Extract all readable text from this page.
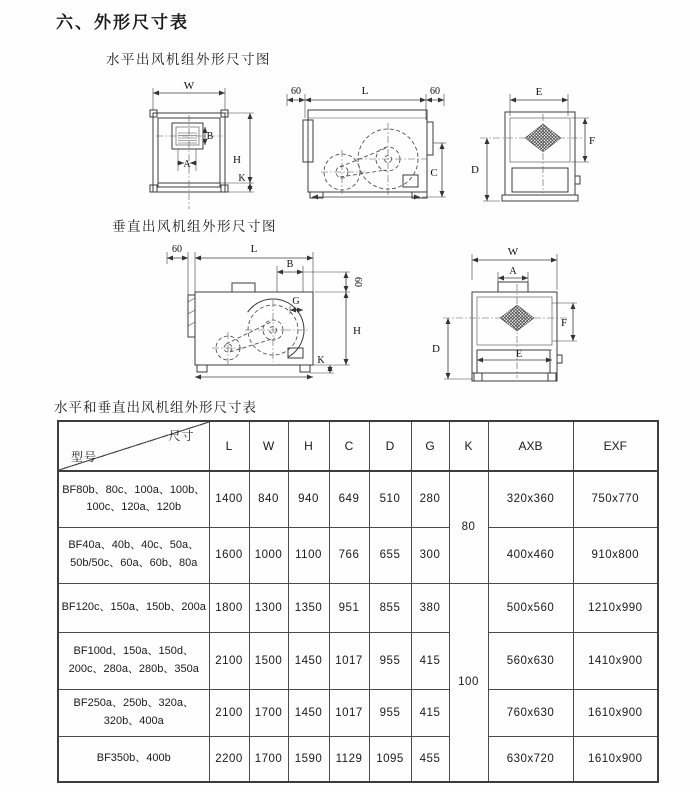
六、外形尺寸表
水平出风机组外形尺寸图
垂直出风机组外形尺寸图
水平和垂直出风机组外形尺寸表
W
B
A	H
K
60	L	60
C
E
F
D
60	L
B
60
G
H
K
W
A
F
D	E
尺寸
型号	L	W	H	C	D	G	K	AXB	EXF
BF80b、80c、100a、100b、100c、120a、120b	1400	840	940	649	510	280	80	320x360	750x770
BF40a、40b、40c、50a、50b/50c、60a、60b、80a	1600	1000	1100	766	655	300		400x460	910x800
BF120c、150a、150b、200a	1800	1300	1350	951	855	380	100	500x560	1210x990
BF100d、150a、150d、200c、280a、280b、350a	2100	1500	1450	1017	955	415		560x630	1410x900
BF250a、250b、320a、320b、400a	2100	1700	1450	1017	955	415		760x630	1610x900
BF350b、400b	2200	1700	1590	1129	1095	455		630x720	1610x900
